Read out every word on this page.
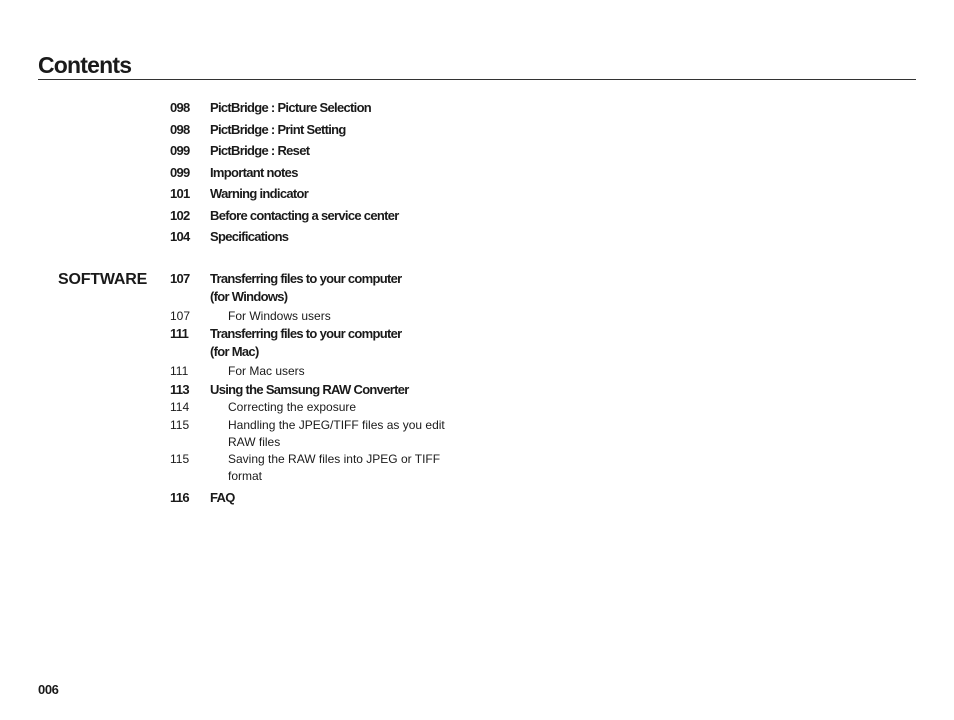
Contents
SOFTWARE
098 PictBridge : Picture Selection
098 PictBridge : Print Setting
099 PictBridge : Reset
099 Important notes
101 Warning indicator
102 Before contacting a service center
104 Specifications
107 Transferring files to your computer
(for Windows)
107	For Windows users
111 Transferring files to your computer
(for Mac)
111	For Mac users
113 Using the Samsung RAW Converter
114	Correcting the exposure
115	Handling the JPEG/TIFF files as you edit
RAW files
115	Saving the RAW files into JPEG or TIFF
format
116 FAQ
006
